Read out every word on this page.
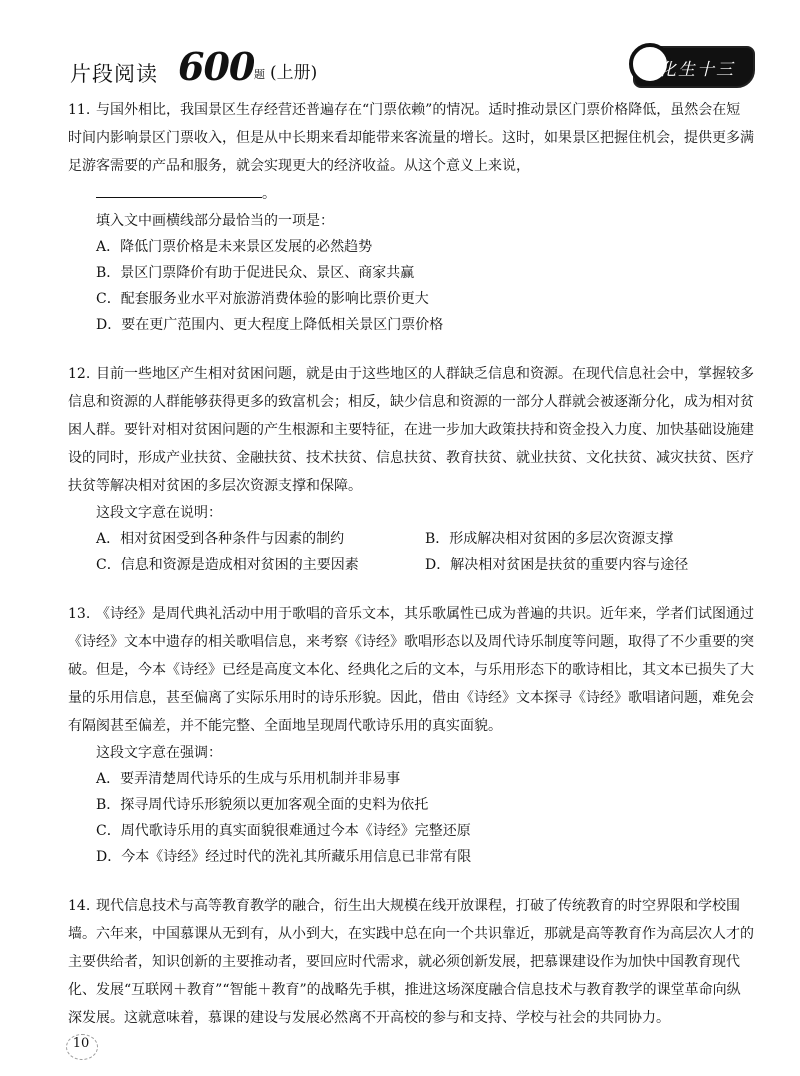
片段阅读 600 题 (上册)	化生十三
11. 与国外相比，我国景区生存经营还普遍存在“门票依赖”的情况。适时推动景区门票价格降低，虽然会在短时间内影响景区门票收入，但是从中长期来看却能带来客流量的增长。这时，如果景区把握住机会，提供更多满足游客需要的产品和服务，就会实现更大的经济收益。从这个意义上来说，
。
填入文中画横线部分最恰当的一项是：
A．降低门票价格是未来景区发展的必然趋势
B．景区门票降价有助于促进民众、景区、商家共赢
C．配套服务业水平对旅游消费体验的影响比票价更大
D．要在更广范围内、更大程度上降低相关景区门票价格
12. 目前一些地区产生相对贫困问题，就是由于这些地区的人群缺乏信息和资源。在现代信息社会中，掌握较多信息和资源的人群能够获得更多的致富机会；相反，缺少信息和资源的一部分人群就会被逐渐分化，成为相对贫困人群。要针对相对贫困问题的产生根源和主要特征，在进一步加大政策扶持和资金投入力度、加快基础设施建设的同时，形成产业扶贫、金融扶贫、技术扶贫、信息扶贫、教育扶贫、就业扶贫、文化扶贫、减灾扶贫、医疗扶贫等解决相对贫困的多层次资源支撑和保障。
这段文字意在说明：
A．相对贫困受到各种条件与因素的制约	B．形成解决相对贫困的多层次资源支撑
C．信息和资源是造成相对贫困的主要因素	D．解决相对贫困是扶贫的重要内容与途径
13. 《诗经》是周代典礼活动中用于歌唱的音乐文本，其乐歌属性已成为普遍的共识。近年来，学者们试图通过《诗经》文本中遗存的相关歌唱信息，来考察《诗经》歌唱形态以及周代诗乐制度等问题，取得了不少重要的突破。但是，今本《诗经》已经是高度文本化、经典化之后的文本，与乐用形态下的歌诗相比，其文本已损失了大量的乐用信息，甚至偏离了实际乐用时的诗乐形貌。因此，借由《诗经》文本探寻《诗经》歌唱诸问题，难免会有隔阂甚至偏差，并不能完整、全面地呈现周代歌诗乐用的真实面貌。
这段文字意在强调：
A．要弄清楚周代诗乐的生成与乐用机制并非易事
B．探寻周代诗乐形貌须以更加客观全面的史料为依托
C．周代歌诗乐用的真实面貌很难通过今本《诗经》完整还原
D．今本《诗经》经过时代的洗礼其所藏乐用信息已非常有限
14. 现代信息技术与高等教育教学的融合，衍生出大规模在线开放课程，打破了传统教育的时空界限和学校围墙。六年来，中国慕课从无到有，从小到大，在实践中总在向一个共识靠近，那就是高等教育作为高层次人才的主要供给者，知识创新的主要推动者，要回应时代需求，就必须创新发展，把慕课建设作为加快中国教育现代化、发展“互联网＋教育”“智能＋教育”的战略先手棋，推进这场深度融合信息技术与教育教学的课堂革命向纵深发展。这就意味着，慕课的建设与发展必然离不开高校的参与和支持、学校与社会的共同协力。
10
